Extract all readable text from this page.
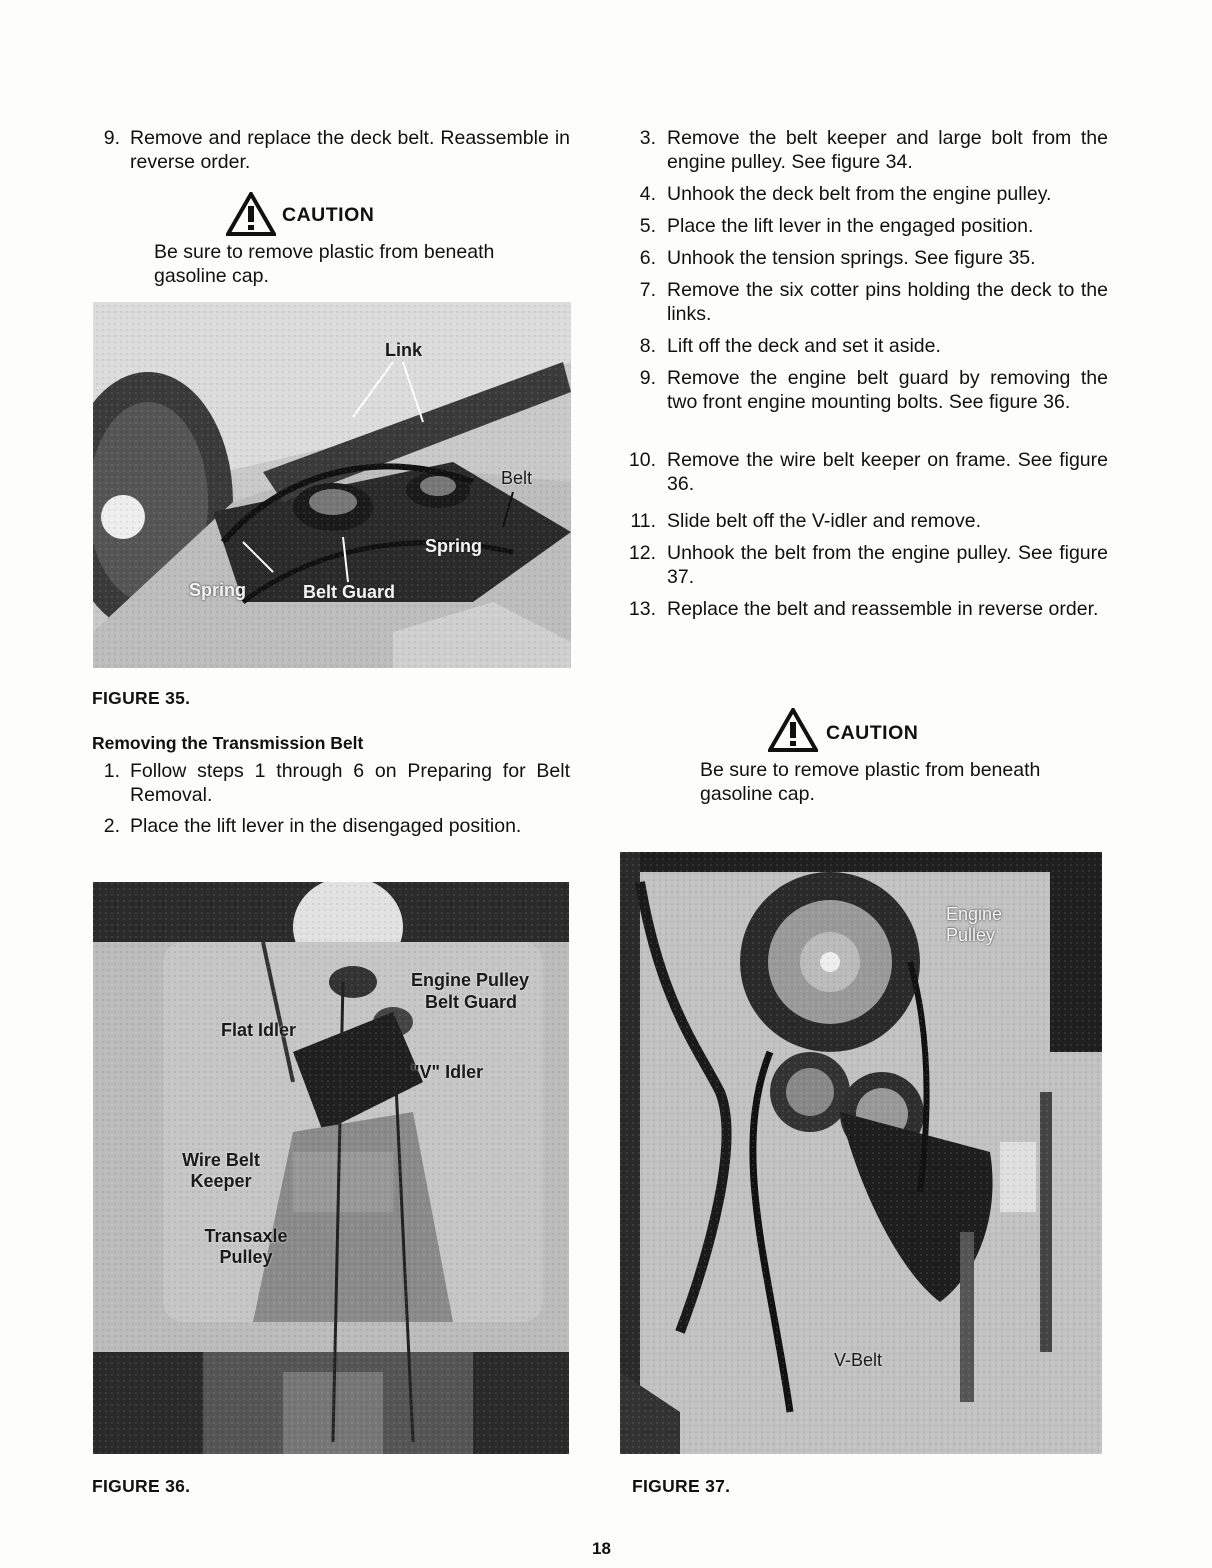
9. Remove and replace the deck belt. Reassemble in reverse order.
CAUTION
Be sure to remove plastic from beneath gasoline cap.
Link
Belt
Spring
Spring	Belt Guard
FIGURE 35.
Removing the Transmission Belt
1. Follow steps 1 through 6 on Preparing for Belt Removal.
2. Place the lift lever in the disengaged position.
Engine Pulley
Belt Guard
Flat Idler
"V" Idler
Wire Belt Keeper
Transaxle Pulley
FIGURE 36.
3. Remove the belt keeper and large bolt from the engine pulley. See figure 34.
4. Unhook the deck belt from the engine pulley.
5. Place the lift lever in the engaged position.
6. Unhook the tension springs. See figure 35.
7. Remove the six cotter pins holding the deck to the links.
8. Lift off the deck and set it aside.
9. Remove the engine belt guard by removing the two front engine mounting bolts. See figure 36.
10. Remove the wire belt keeper on frame. See figure 36.
11. Slide belt off the V-idler and remove.
12. Unhook the belt from the engine pulley. See figure 37.
13. Replace the belt and reassemble in reverse order.
CAUTION
Be sure to remove plastic from beneath gasoline cap.
Engine Pulley
V-Belt
FIGURE 37.
18
